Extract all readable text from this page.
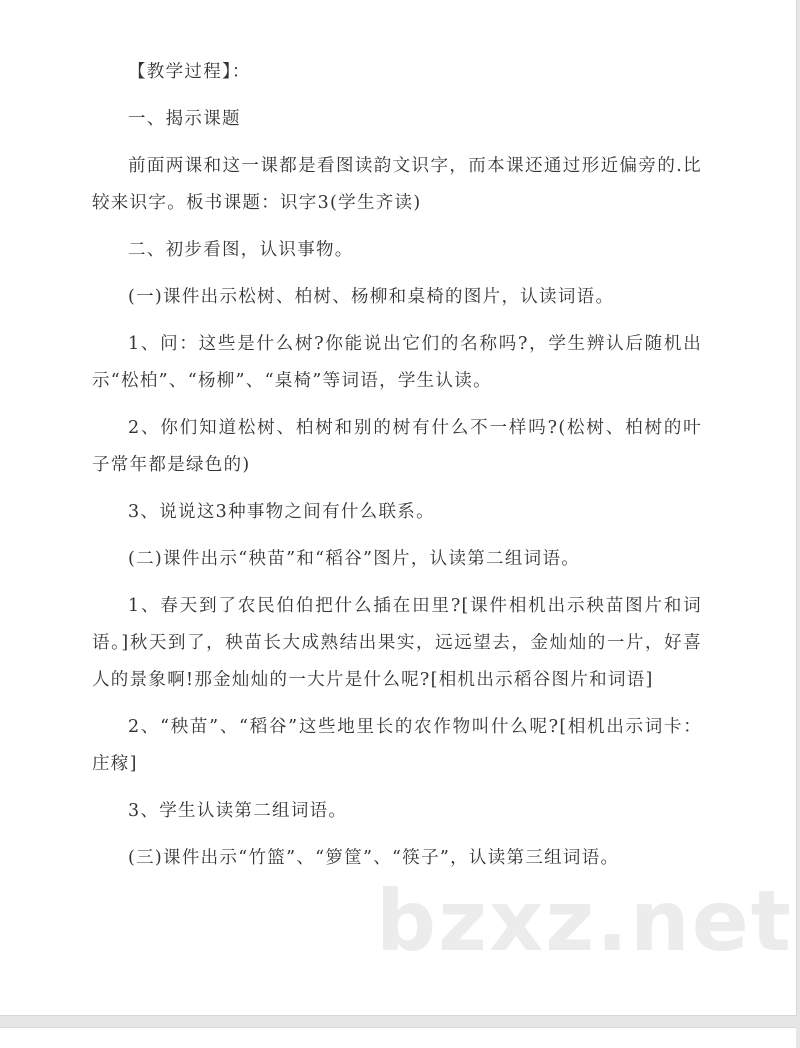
【教学过程】：

一、揭示课题

前面两课和这一课都是看图读韵文识字，而本课还通过形近偏旁的.比较来识字。板书课题：识字3(学生齐读)

二、初步看图，认识事物。

(一)课件出示松树、柏树、杨柳和桌椅的图片，认读词语。

1、问：这些是什么树?你能说出它们的名称吗?，学生辨认后随机出示“松柏”、“杨柳”、“桌椅”等词语，学生认读。

2、你们知道松树、柏树和别的树有什么不一样吗?(松树、柏树的叶子常年都是绿色的)

3、说说这3种事物之间有什么联系。

(二)课件出示“秧苗”和“稻谷”图片，认读第二组词语。

1、春天到了农民伯伯把什么插在田里?[课件相机出示秧苗图片和词语。]秋天到了，秧苗长大成熟结出果实，远远望去，金灿灿的一片，好喜人的景象啊!那金灿灿的一大片是什么呢?[相机出示稻谷图片和词语]

2、“秧苗”、“稻谷”这些地里长的农作物叫什么呢?[相机出示词卡：庄稼]

3、学生认读第二组词语。

(三)课件出示“竹篮”、“箩筐”、“筷子”，认读第三组词语。

bzxz.net
